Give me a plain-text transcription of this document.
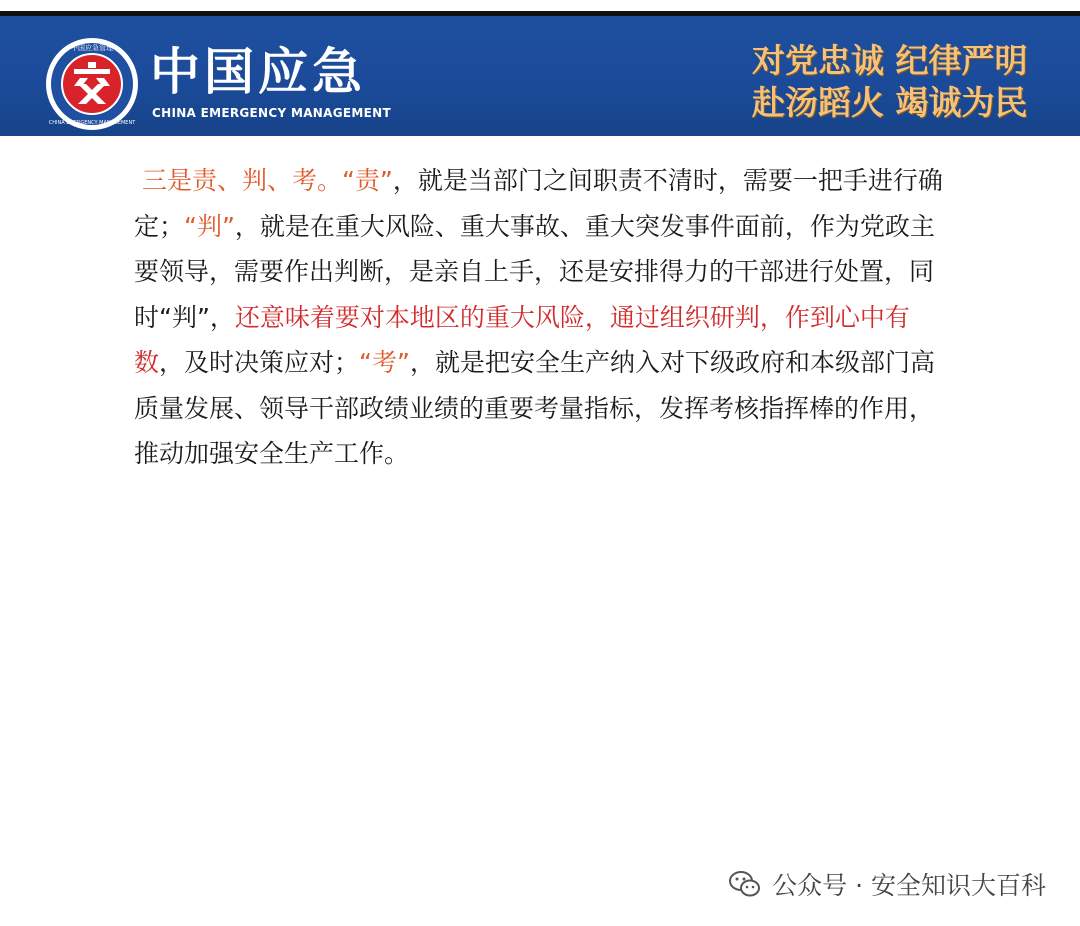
中国应急管理
CHINA EMERGENCY MANAGEMENT
中国应急
CHINA EMERGENCY MANAGEMENT
对党忠诚 纪律严明
赴汤蹈火 竭诚为民
三是责、判、考。“责”，就是当部门之间职责不清时，需要一把手进行确定；“判”，就是在重大风险、重大事故、重大突发事件面前，作为党政主要领导，需要作出判断，是亲自上手，还是安排得力的干部进行处置，同时“判”，还意味着要对本地区的重大风险，通过组织研判，作到心中有数，及时决策应对；“考”，就是把安全生产纳入对下级政府和本级部门高质量发展、领导干部政绩业绩的重要考量指标，发挥考核指挥棒的作用，推动加强安全生产工作。
公众号 · 安全知识大百科
